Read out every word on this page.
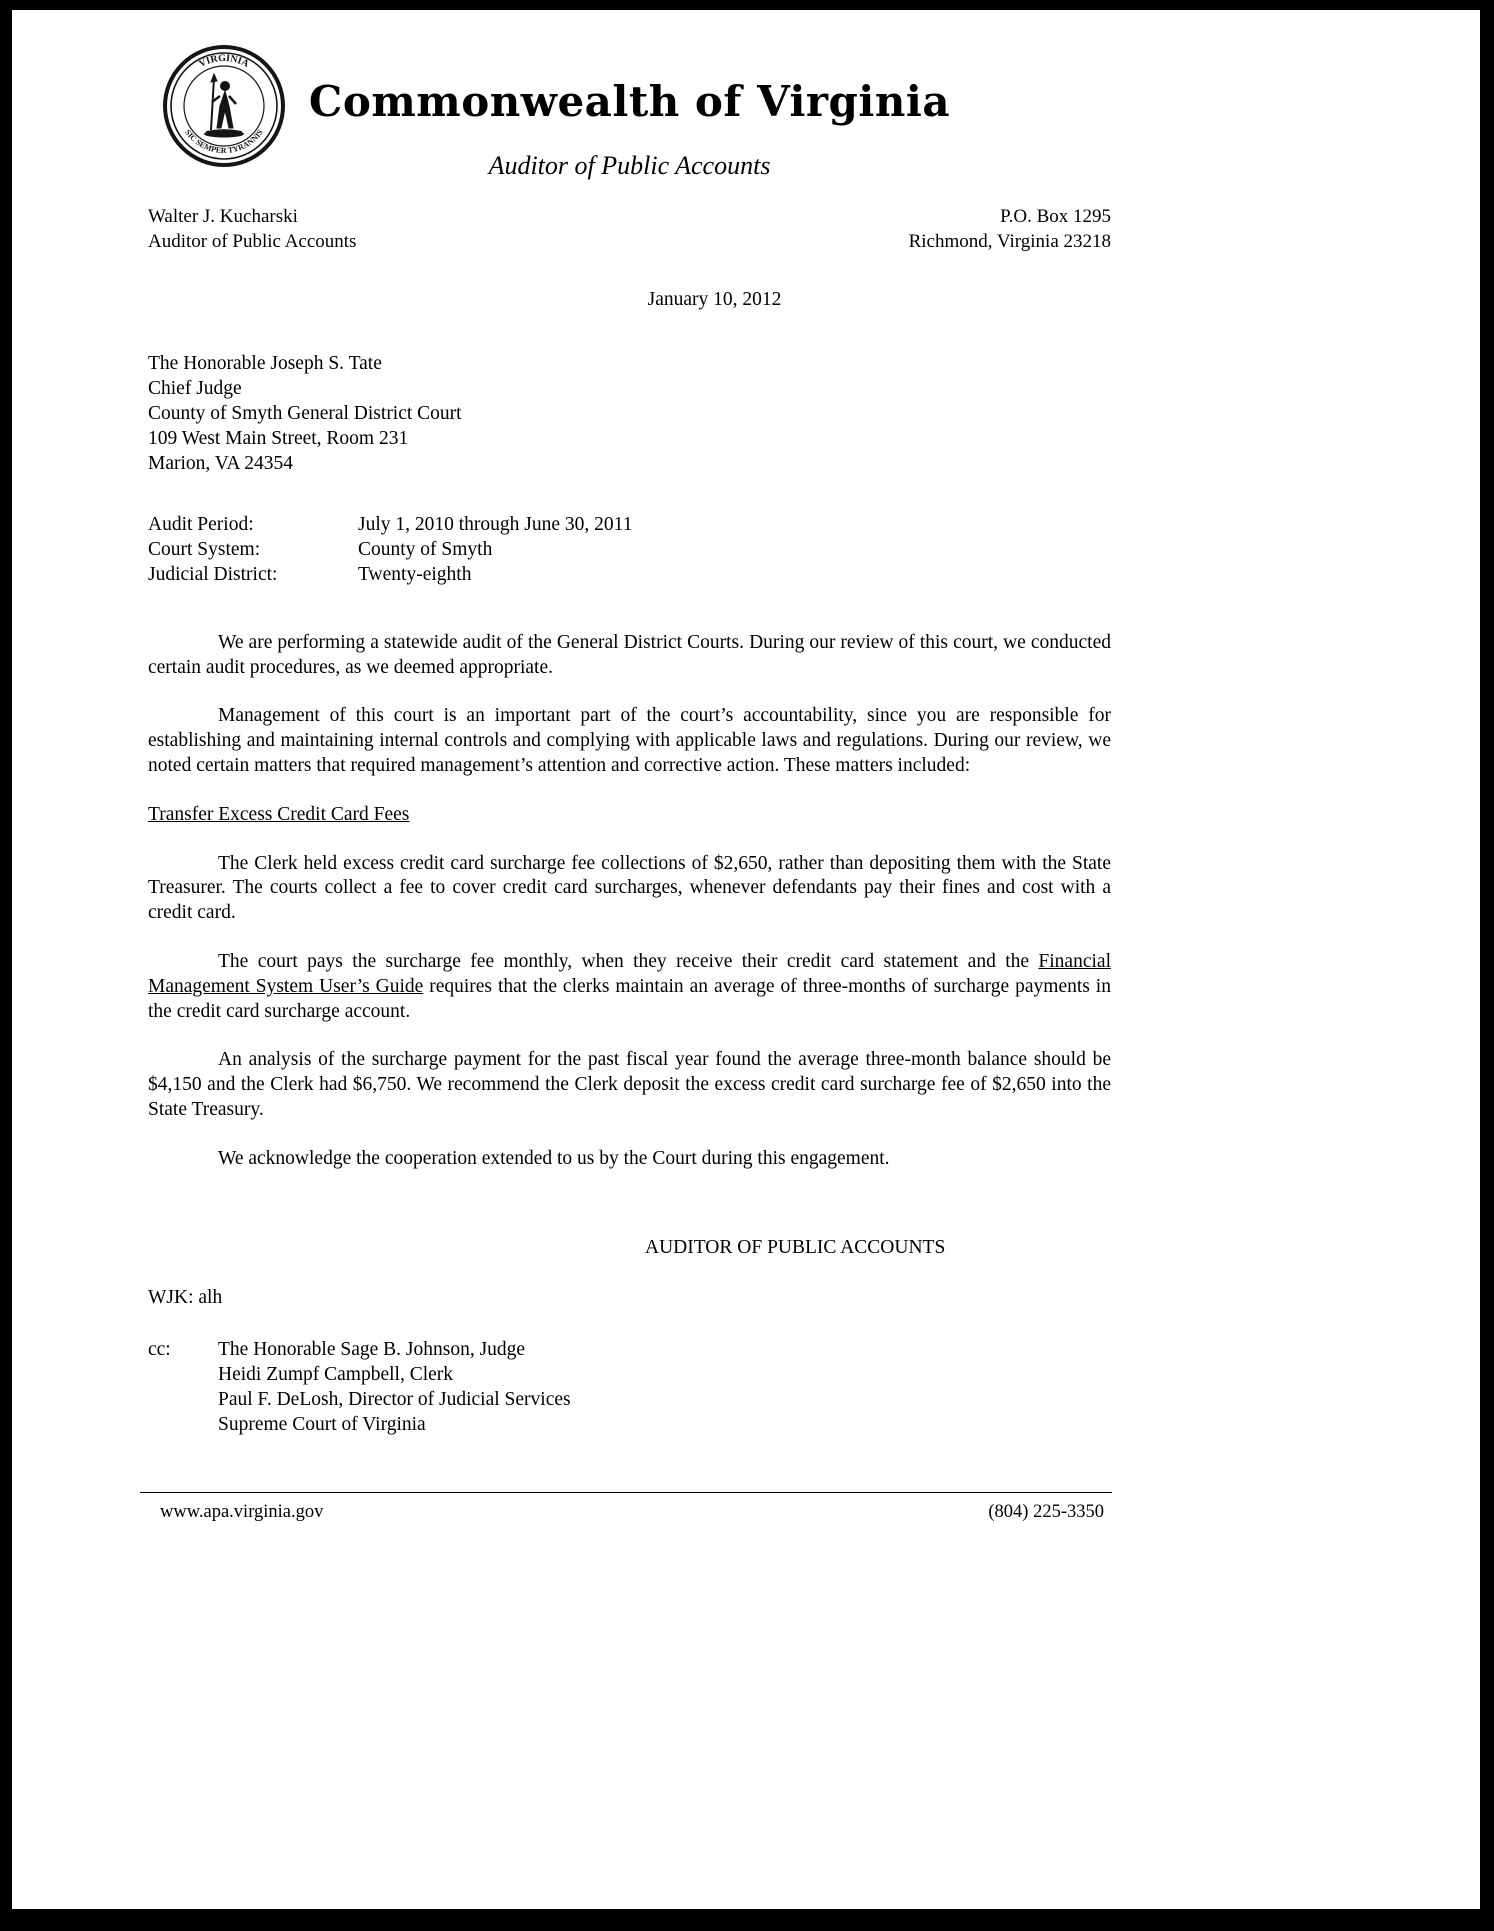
VIRGINIA
SIC SEMPER TYRANNIS
Commonwealth of Virginia
Auditor of Public Accounts
Walter J. Kucharski
Auditor of Public Accounts
P.O. Box 1295
Richmond, Virginia 23218
January 10, 2012
The Honorable Joseph S. Tate
Chief Judge
County of Smyth General District Court
109 West Main Street, Room 231
Marion, VA 24354
Audit Period:	July 1, 2010 through June 30, 2011
Court System:	County of Smyth
Judicial District:	Twenty-eighth

We are performing a statewide audit of the General District Courts. During our review of this court, we conducted certain audit procedures, as we deemed appropriate.

Management of this court is an important part of the court’s accountability, since you are responsible for establishing and maintaining internal controls and complying with applicable laws and regulations. During our review, we noted certain matters that required management’s attention and corrective action. These matters included:

Transfer Excess Credit Card Fees

The Clerk held excess credit card surcharge fee collections of $2,650, rather than depositing them with the State Treasurer. The courts collect a fee to cover credit card surcharges, whenever defendants pay their fines and cost with a credit card.

The court pays the surcharge fee monthly, when they receive their credit card statement and the Financial Management System User’s Guide requires that the clerks maintain an average of three-months of surcharge payments in the credit card surcharge account.

An analysis of the surcharge payment for the past fiscal year found the average three-month balance should be $4,150 and the Clerk had $6,750. We recommend the Clerk deposit the excess credit card surcharge fee of $2,650 into the State Treasury.

We acknowledge the cooperation extended to us by the Court during this engagement.

AUDITOR OF PUBLIC ACCOUNTS
WJK: alh
cc:	The Honorable Sage B. Johnson, Judge
Heidi Zumpf Campbell, Clerk
Paul F. DeLosh, Director of Judicial Services
Supreme Court of Virginia
www.apa.virginia.gov	(804) 225-3350
